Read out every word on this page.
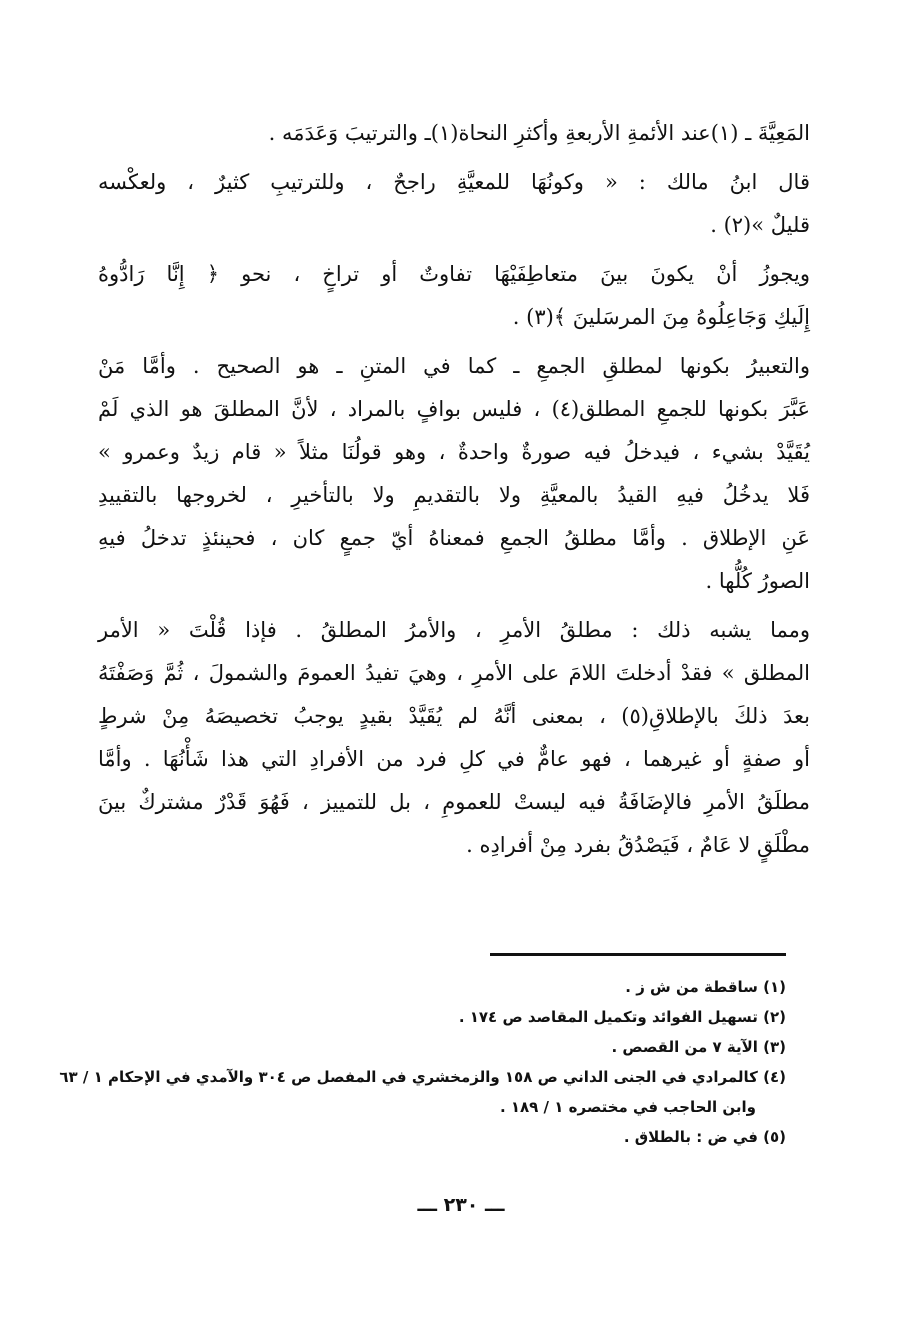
المَعِيَّةَ ـ (١)عند الأئمةِ الأربعةِ وأكثرِ النحاة(١)ـ والترتيبَ وَعَدَمَه .
قال ابنُ مالك : « وكونُهَا للمعيَّةِ راجحٌ ، وللترتيبِ كثيرٌ ، ولعكْسه
قليلٌ »(٢) .
ويجوزُ أنْ يكونَ بينَ متعاطِفَيْهَا تفاوتٌ أو تراخٍ ، نحو ﴿ إِنَّا رَادُّوهُ
إِلَيكِ وَجَاعِلُوهُ مِنَ المرسَلينَ ﴾(٣) .
والتعبيرُ بكونها لمطلقِ الجمعِ ـ كما في المتنِ ـ هو الصحيح . وأمَّا مَنْ
عَبَّرَ بكونها للجمعِ المطلق(٤) ، فليس بوافٍ بالمراد ، لأنَّ المطلقَ هو الذي لَمْ
يُقَيَّدْ بشيء ، فيدخلُ فيه صورةٌ واحدةٌ ، وهو قولُنَا مثلاً « قام زيدٌ وعمرو »
فَلا يدخُلُ فيهِ القيدُ بالمعيَّةِ ولا بالتقديمِ ولا بالتأخيرِ ، لخروجها بالتقييدِ
عَنِ الإطلاق . وأمَّا مطلقُ الجمعِ فمعناهُ أيّ جمعٍ كان ، فحينئذٍ تدخلُ فيهِ
الصورُ كُلُّها .
ومما يشبه ذلك : مطلقُ الأمرِ ، والأمرُ المطلقُ . فإذا قُلْتَ « الأمر
المطلق » فقدْ أدخلتَ اللامَ على الأمرِ ، وهيَ تفيدُ العمومَ والشمولَ ، ثُمَّ وَصَفْتَهُ
بعدَ ذلكَ بالإطلاقِ(٥) ، بمعنى أنَّهُ لم يُقَيَّدْ بقيدٍ يوجبُ تخصيصَهُ مِنْ شرطٍ
أو صفةٍ أو غيرهما ، فهو عامٌّ في كلِ فرد من الأفرادِ التي هذا شَأْنُهَا . وأمَّا
مطلَقُ الأمرِ فالإضَافَةُ فيه ليستْ للعمومِ ، بل للتمييز ، فَهُوَ قَدْرٌ مشتركٌ بينَ
مطْلَقٍ لا عَامٌ ، فَيَصْدُقُ بفرد مِنْ أفرادِه .
(١) ساقطة من ش ز .
(٢) تسهيل الفوائد وتكميل المقاصد ص ١٧٤ .
(٣) الآية ٧ من القصص .
(٤) كالمرادي في الجنى الداني ص ١٥٨ والزمخشري في المفصل ص ٣٠٤ والآمدي في الإحكام ١ / ٦٣
وابن الحاجب في مختصره ١ / ١٨٩ .
(٥) في ض : بالطلاق .
ـــ ٢٣٠ ـــ
